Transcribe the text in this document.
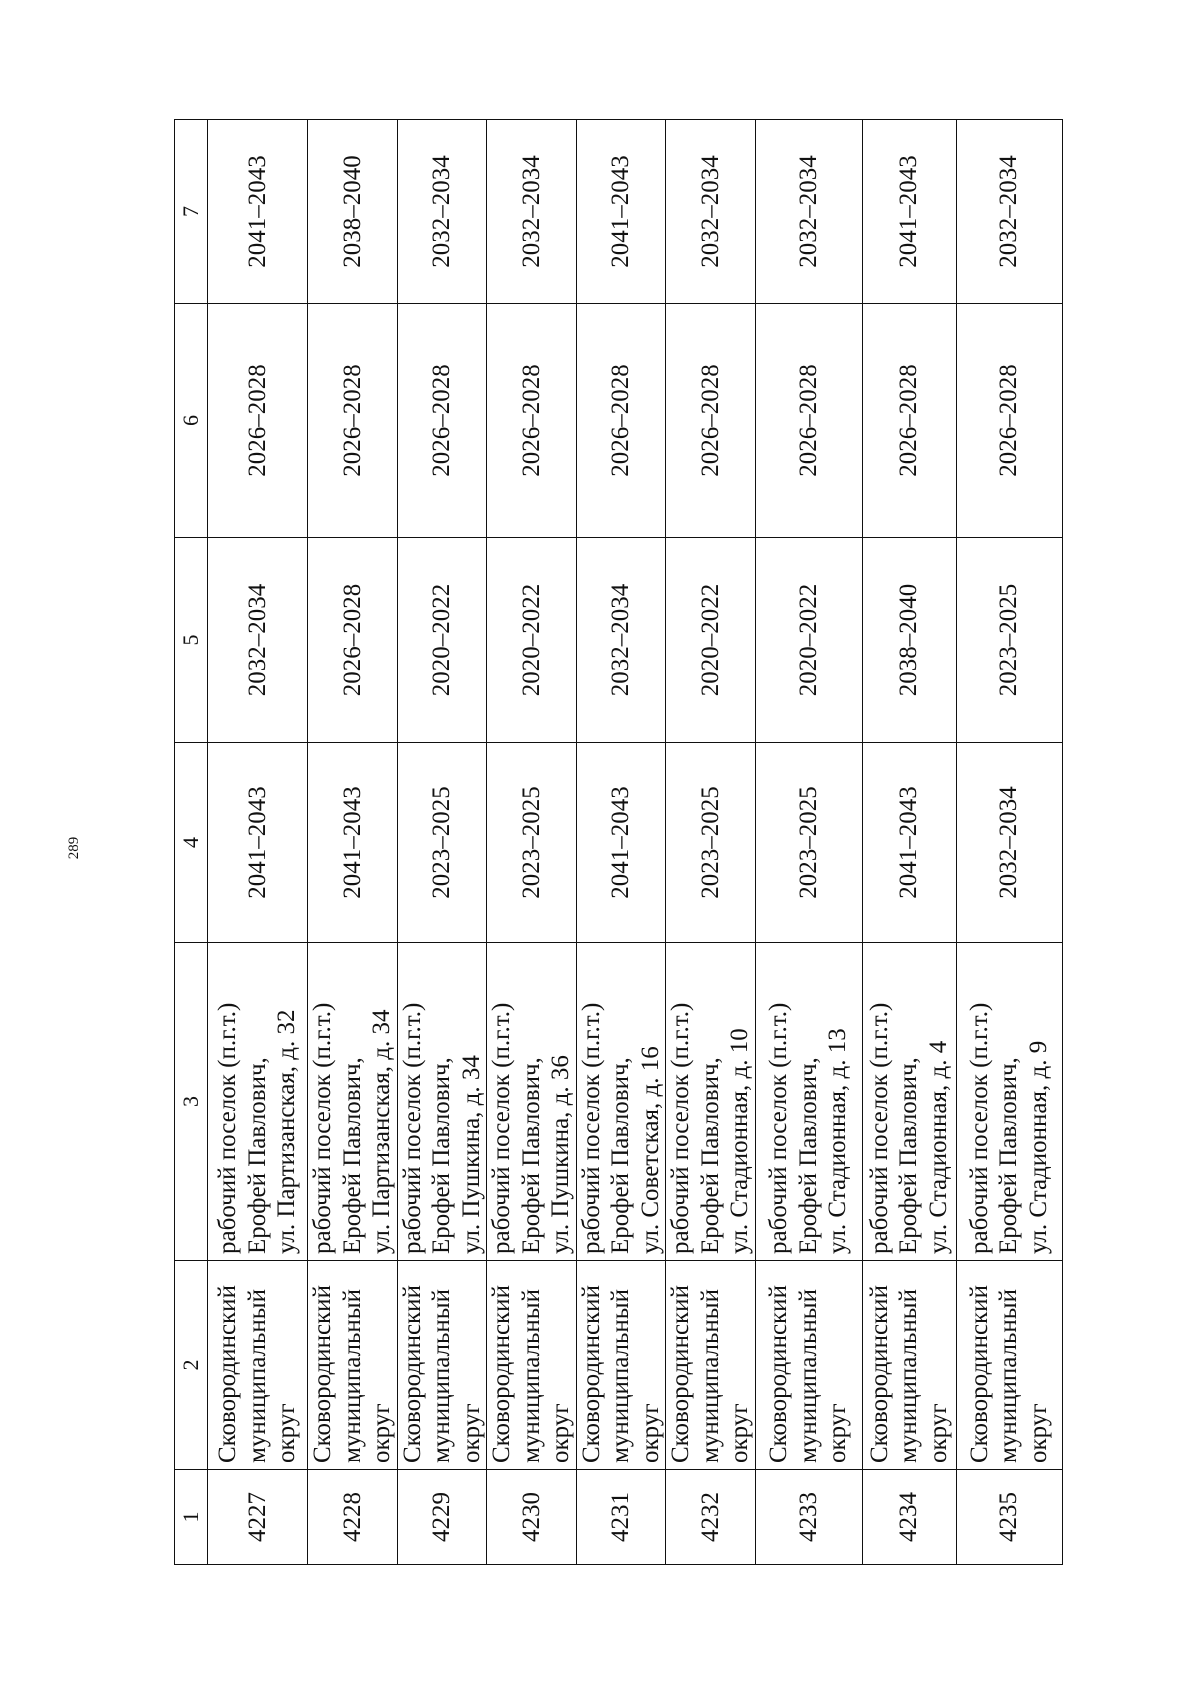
289
1	2	3	4	5	6	7
4227	Сковородинский муниципальный округ	рабочий поселок (п.г.т.) Ерофей Павлович, ул. Партизанская, д. 32	2041–2043	2032–2034	2026–2028	2041–2043
4228	Сковородинский муниципальный округ	рабочий поселок (п.г.т.) Ерофей Павлович, ул. Партизанская, д. 34	2041–2043	2026–2028	2026–2028	2038–2040
4229	Сковородинский муниципальный округ	рабочий поселок (п.г.т.) Ерофей Павлович, ул. Пушкина, д. 34	2023–2025	2020–2022	2026–2028	2032–2034
4230	Сковородинский муниципальный округ	рабочий поселок (п.г.т.) Ерофей Павлович, ул. Пушкина, д. 36	2023–2025	2020–2022	2026–2028	2032–2034
4231	Сковородинский муниципальный округ	рабочий поселок (п.г.т.) Ерофей Павлович, ул. Советская, д. 16	2041–2043	2032–2034	2026–2028	2041–2043
4232	Сковородинский муниципальный округ	рабочий поселок (п.г.т.) Ерофей Павлович, ул. Стадионная, д. 10	2023–2025	2020–2022	2026–2028	2032–2034
4233	Сковородинский муниципальный округ	рабочий поселок (п.г.т.) Ерофей Павлович, ул. Стадионная, д. 13	2023–2025	2020–2022	2026–2028	2032–2034
4234	Сковородинский муниципальный округ	рабочий поселок (п.г.т.) Ерофей Павлович, ул. Стадионная, д. 4	2041–2043	2038–2040	2026–2028	2041–2043
4235	Сковородинский муниципальный округ	рабочий поселок (п.г.т.) Ерофей Павлович, ул. Стадионная, д. 9	2032–2034	2023–2025	2026–2028	2032–2034
